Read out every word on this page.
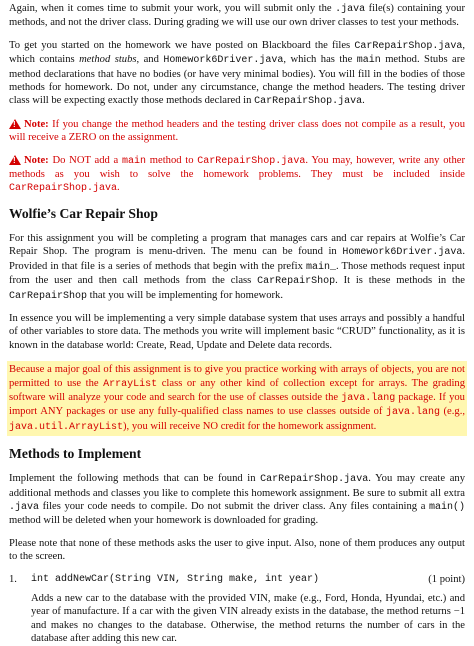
Again, when it comes time to submit your work, you will submit only the .java file(s) containing your methods, and not the driver class. During grading we will use our own driver classes to test your methods.

To get you started on the homework we have posted on Blackboard the files CarRepairShop.java, which contains method stubs, and Homework6Driver.java, which has the main method. Stubs are method declarations that have no bodies (or have very minimal bodies). You will fill in the bodies of those methods for homework. Do not, under any circumstance, change the method headers. The testing driver class will be expecting exactly those methods declared in CarRepairShop.java.

!Note: If you change the method headers and the testing driver class does not compile as a result, you will receive a ZERO on the assignment.

!Note: Do NOT add a main method to CarRepairShop.java. You may, however, write any other methods as you wish to solve the homework problems. They must be included inside CarRepairShop.java.

Wolfie’s Car Repair Shop

For this assignment you will be completing a program that manages cars and car repairs at Wolfie’s Car Repair Shop. The program is menu-driven. The menu can be found in Homework6Driver.java. Provided in that file is a series of methods that begin with the prefix main_. Those methods request input from the user and then call methods from the class CarRepairShop. It is these methods in the CarRepairShop that you will be implementing for homework.

In essence you will be implementing a very simple database system that uses arrays and possibly a handful of other variables to store data. The methods you write will implement basic “CRUD” functionality, as it is known in the database world: Create, Read, Update and Delete data records.

Because a major goal of this assignment is to give you practice working with arrays of objects, you are not permitted to use the ArrayList class or any other kind of collection except for arrays. The grading software will analyze your code and search for the use of classes outside the java.lang package. If you import ANY packages or use any fully-qualified class names to use classes outside of java.lang (e.g., java.util.ArrayList), you will receive NO credit for the homework assignment.

Methods to Implement

Implement the following methods that can be found in CarRepairShop.java. You may create any additional methods and classes you like to complete this homework assignment. Be sure to submit all extra .java files your code needs to compile. Do not submit the driver class. Any files containing a main() method will be deleted when your homework is downloaded for grading.

Please note that none of these methods asks the user to give input. Also, none of them produces any output to the screen.

1.	int addNewCar(String VIN, String make, int year)	(1 point)

Adds a new car to the database with the provided VIN, make (e.g., Ford, Honda, Hyundai, etc.) and year of manufacture. If a car with the given VIN already exists in the database, the method returns −1 and makes no changes to the database. Otherwise, the method returns the number of cars in the database after adding this new car.
